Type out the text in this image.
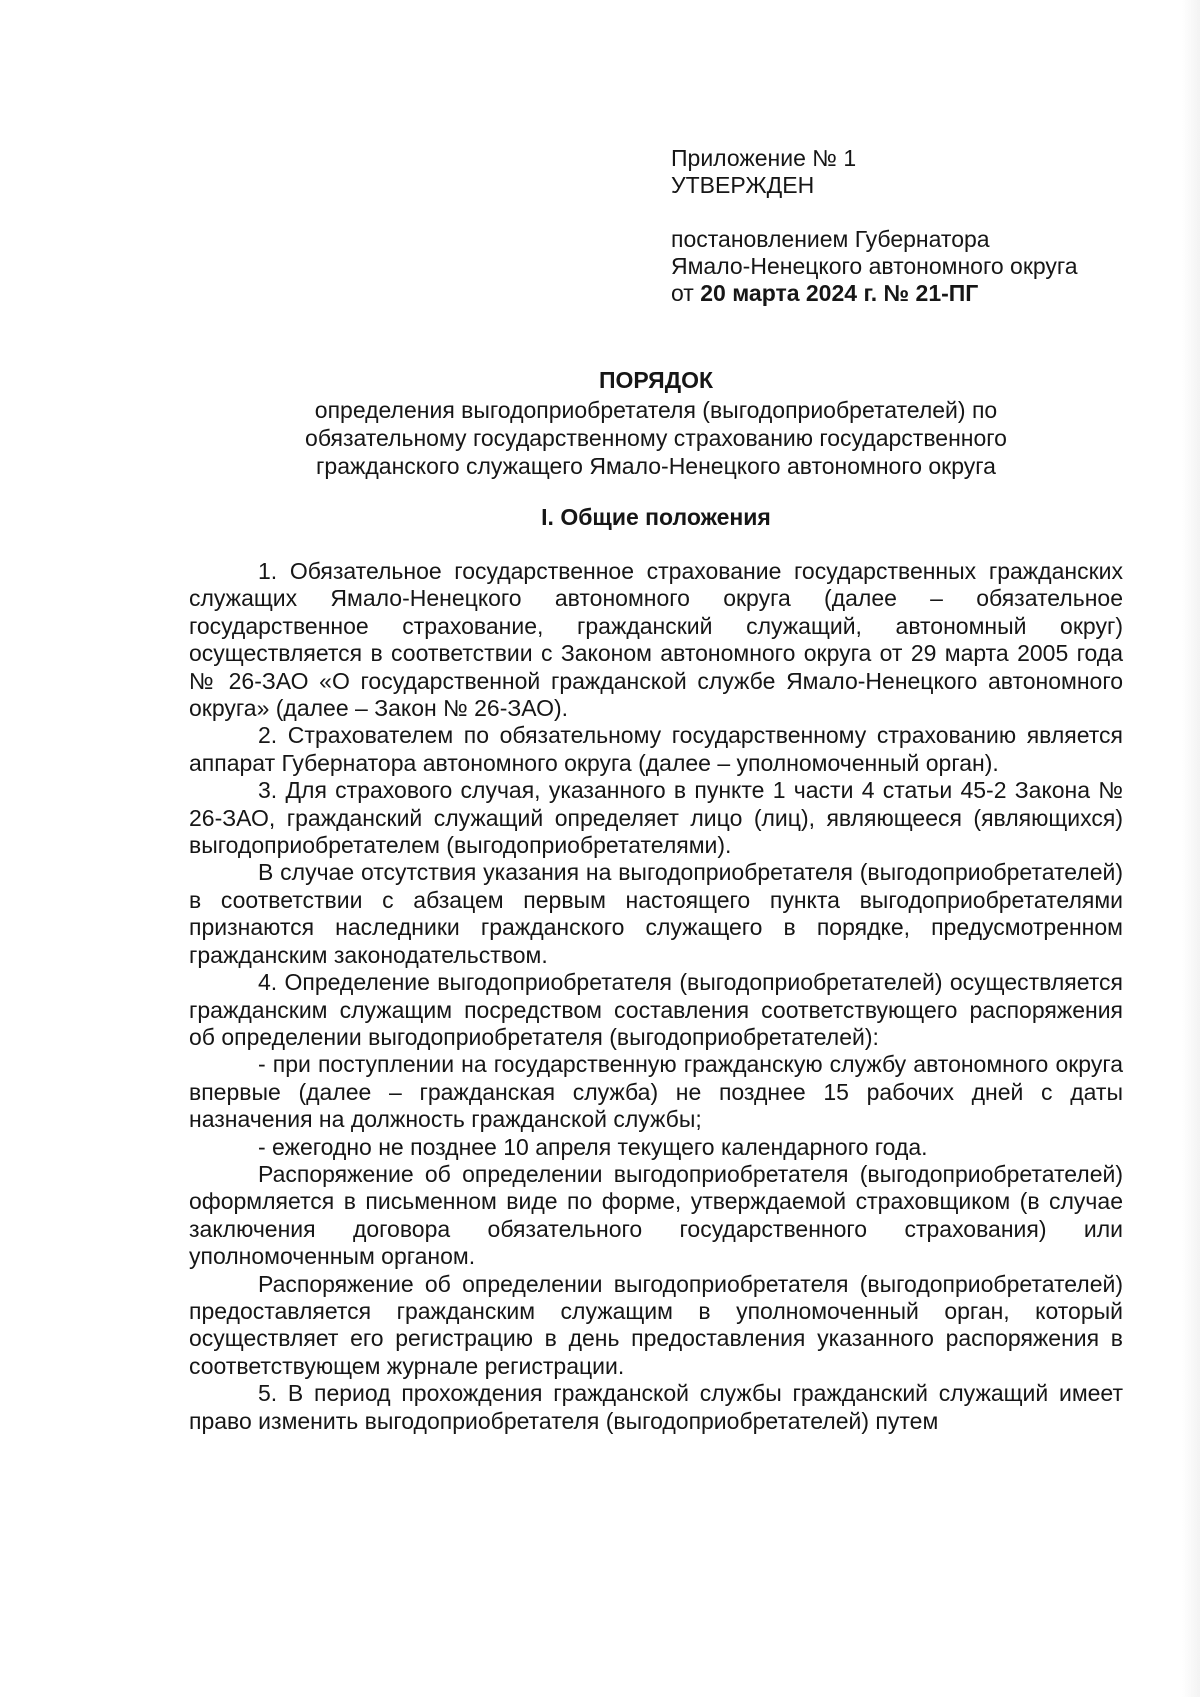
Приложение № 1
УТВЕРЖДЕН
постановлением Губернатора
Ямало-Ненецкого автономного округа
от 20 марта 2024 г. № 21-ПГ
ПОРЯДОК
определения выгодоприобретателя (выгодоприобретателей) по
обязательному государственному страхованию государственного
гражданского служащего Ямало-Ненецкого автономного округа
I. Общие положения

1. Обязательное государственное страхование государственных гражданских служащих Ямало-Ненецкого автономного округа (далее – обязательное государственное страхование, гражданский служащий, автономный округ) осуществляется в соответствии с Законом автономного округа от 29 марта 2005 года № 26-ЗАО «О государственной гражданской службе Ямало-Ненецкого автономного округа» (далее – Закон № 26-ЗАО).

2. Страхователем по обязательному государственному страхованию является аппарат Губернатора автономного округа (далее – уполномоченный орган).

3. Для страхового случая, указанного в пункте 1 части 4 статьи 45-2 Закона № 26-ЗАО, гражданский служащий определяет лицо (лиц), являющееся (являющихся) выгодоприобретателем (выгодоприобретателями).

В случае отсутствия указания на выгодоприобретателя (выгодоприобретателей) в соответствии с абзацем первым настоящего пункта выгодоприобретателями признаются наследники гражданского служащего в порядке, предусмотренном гражданским законодательством.

4. Определение выгодоприобретателя (выгодоприобретателей) осуществляется гражданским служащим посредством составления соответствующего распоряжения об определении выгодоприобретателя (выгодоприобретателей):

- при поступлении на государственную гражданскую службу автономного округа впервые (далее – гражданская служба) не позднее 15 рабочих дней с даты назначения на должность гражданской службы;

- ежегодно не позднее 10 апреля текущего календарного года.

Распоряжение об определении выгодоприобретателя (выгодоприобретателей) оформляется в письменном виде по форме, утверждаемой страховщиком (в случае заключения договора обязательного государственного страхования) или уполномоченным органом.

Распоряжение об определении выгодоприобретателя (выгодоприобретателей) предоставляется гражданским служащим в уполномоченный орган, который осуществляет его регистрацию в день предоставления указанного распоряжения в соответствующем журнале регистрации.

5. В период прохождения гражданской службы гражданский служащий имеет право изменить выгодоприобретателя (выгодоприобретателей) путем
